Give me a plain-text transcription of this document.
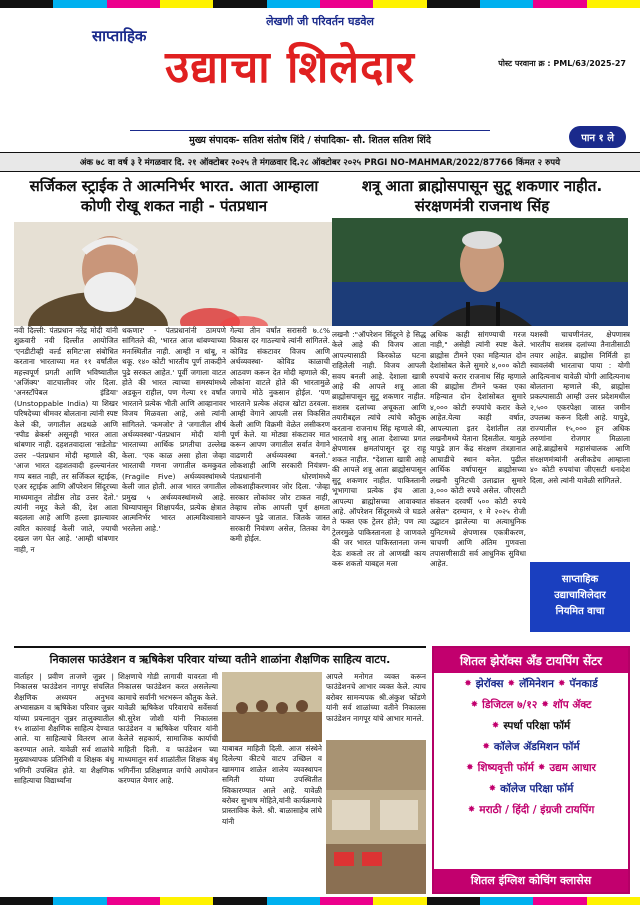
लेखणी जी परिवर्तन घडवेल
साप्ताहिक
पोस्ट परवाना क्र : PML/63/2025-27
उद्याचा शिलेदार
मुख्य संपादक- सतिश संतोष शिंदे / संपादिका- सौ. शितल सतिश शिंदे	पान १ ले
अंक ७८ वा वर्ष ३ रे मंगळवार दि. २१ ऑक्टोबर २०२५ ते मंगळवार दि.२८ ऑक्टोबर २०२५ PRGI NO-MAHMAR/2022/87766 किंमत २ रुपये
सर्जिकल स्ट्राईक ते आत्मनिर्भर भारत. आता आम्हाला कोणी रोखू शकत नाही - पंतप्रधान

नवी दिल्ली: पंतप्रधान नरेंद्र मोदी यांनी शुक्रवारी नवी दिल्लीत आयोजित 'एनडीटीव्ही वर्ल्ड समिट'ला संबोधित करताना भारताच्या मत ११ वर्षांतील महत्त्वपूर्ण प्रगती आणि भविष्यातील 'अजिंक्य' वाटचालीवर जोर दिला. 'अनस्टॉपेबल इंडिया' (Unstoppable India) या शिखर परिषदेच्या थीमवर बोलताना त्यांनी स्पष्ट केले की, जगातील अडथळे आणि 'स्पीड ब्रेकर्स' असूनही भारत आता थांबणार नाही. दहशतवादाला 'सडेतोड' उत्तर –पंतप्रधान मोदी म्हणाले की, 'आज भारत दहशतवादी हल्ल्यानंतर गप्प बसत नाही, तर सर्जिकल स्ट्राईक, एअर स्ट्राईक आणि ऑपरेशन सिंदूरच्या माध्यमातून तोडीस तोड उत्तर देतो.' त्यांनी नमूद केले की, देश आता बदलला आहे आणि हल्ला झाल्यावर त्वरित कारवाई केली जाते, ज्याची दखल जग घेत आहे. 'आम्ही थांबणार नाही, न

थकणार' - पंतप्रधानांनी ठामपणे सांगितले की, 'भारत आज थांबण्याच्या मनःस्थितीत नाही. आम्ही न थांबू, न थकू. १४० कोटी भारतीय पूर्ण ताकदीने पुढे सरकत आहेत.' पूर्वी जगाला वाटत होते की भारत त्याच्या समस्यांमध्ये अडकून राहील, पण गेल्या ११ वर्षांत भारताने प्रत्येक भीती आणि आव्हानावर विजय मिळवला आहे, असे त्यांनी सांगितले. 'कमजोर' ते 'जगातील शीर्ष अर्थव्यवस्था'-पंतप्रधान मोदी यांनी भारताच्या आर्थिक प्रगतीचा उल्लेख केला. 'एक काळ असा होता जेव्हा भारताची गणना जगातील कमकुवत (Fragile Five) अर्थव्यवस्थांमध्ये केली जात होती. आज भारत जगातील प्रमुख ५ अर्थव्यवस्थांमध्ये आहे. धिम्यापासून शिक्षापर्यंत, प्रत्येक क्षेत्रात आत्मनिर्भर भारत आत्मविश्वासाने भरलेला आहे.'

गेल्या तीन वर्षांत सरासरी ७.८% विकास दर गाठल्याचे त्यांनी सांगितले. कोविड संकटावर विजय आणि अर्थव्यवस्था- कोविड काळाची आठवण करून देत मोदी म्हणाले की, लोकांना वाटले होते की भारतामुळे जगाचे मोठे नुकसान होईल. 'पण भारताने प्रत्येक अंदाज खोटा ठरवला. आम्ही वेगाने आपली लस विकसित केली आणि विक्रमी वेळेत लसीकरण पूर्ण केले. या मोठ्या संकटावर मात करून आपण जगातील सर्वात वेगाने वाढणारी अर्थव्यवस्था बनलो.' लोकशाही आणि सरकारी नियंत्रण- पंतप्रधानांनी धोरणांमध्ये लोकशाहीकरणावर जोर दिला. 'जेव्हा सरकार लोकांवर जोर टाकत नाही, तेव्हाच लोक आपली पूर्ण क्षमता वापरून पुढे जातात. जितके जास्त सरकारी नियंत्रण असेल, तितका वेग कमी होईल.

शत्रू आता ब्राह्मोसपासून सुटू शकणार नाहीत. संरक्षणमंत्री राजनाथ सिंह

लखनौ :"ऑपरेशन सिंदूरने हे सिद्ध केले आहे की विजय आता आपल्यासाठी किरकोळ घटना राहिलेली नाही. विजय आपली सवय बनली आहे. देशाला खात्री आहे की आपले शत्रू आता ब्राह्मोसपासून सुटू शकणार नाहीत. सशस्त्र दलांच्या अचूकता आणि तयारीबद्दल त्यांचे त्यांचे कौतुक करताना राजनाथ सिंह म्हणाले की, भारताचे शत्रू आता देशाच्या प्रगत क्षेपणास्त्र क्षमतांपासून दूर राहू शकत नाहीत. "देशाला खात्री आहे की आपले शत्रू आता ब्राह्मोसपासून सुटू शकणार नाहीत. पाकिस्तानी भूभागाचा प्रत्येक इंच आता आपल्या ब्राह्मोसच्या आवाक्यात आहे. ऑपरेशन सिंदूरमध्ये जे घडले ते फक्त एक ट्रेलर होते; पण त्या ट्रेलरमुळे पाकिस्तानला हे जाणवले की जर भारत पाकिस्तानला जन्म देऊ शकतो तर तो आणखी काय करू शकतो याबद्दल मला

अधिक काही सांगण्याची गरज नाही," असेही त्यांनी स्पष्ट केले. ब्राह्मोस टीमने एका महिन्यात दोन देशांसोबत केलेे सुमारे ४,००० कोटी रुपयांचे करार राजनाथ सिंह म्हणाले की ब्राह्मोस टीमने फक्त एका महिन्यात दोन देशांसोबत सुमारे ४,००० कोटी रुपयांचे करार केले आहेत.येत्या काही वर्षात, आपल्याला इतर देशांतील तज्ञ लखनौमध्ये येताना दिसतील. यामुळे यापुढे ज्ञान केंद्र संरक्षण तंत्रज्ञानात आघाडीचे स्थान बनेल. पुढील आर्थिक वर्षापासून ब्राह्मोसच्या लखनौ युनिटची उलाढाल सुमारे ३,००० कोटी रुपये असेल. जीएसटी संकलन दरवर्षी ५०० कोटी रुपये असेल" दरम्यान, १ मे २०२५ रोजी उद्घाटन झालेल्या या अत्याधुनिक युनिटमध्ये क्षेपणास्त्र एकत्रीकरण, चाचणी आणि अंतिम गुणवत्ता तपासणीसाठी सर्व आधुनिक सुविधा आहेत.

यशस्वी चाचणीनंतर, क्षेपणास्त्र भारतीय सशस्त्र दलांच्या तैनातीसाठी तयार आहेत. ब्राह्मोस निर्मिती हा स्वावलंबी भारताचा पाया : योगी आदित्यनाथ यावेळी योगी आदित्यनाथ बोलताना म्हणाले की, ब्राह्मोस प्रकल्पासाठी आम्ही उत्तर प्रदेशमधील २,५०० एकरपेक्षा जास्त जमीन उपलब्ध करून दिली आहे. यापुढे, राज्यातील १५,००० हून अधिक तरुणांना रोजगार मिळाला आहे.ब्राह्मोसचे महासंचालक आणि संरक्षणमंत्र्यांनी अलीकडेच आम्हाला ४० कोटी रुपयांचा जीएसटी धनादेश दिला, असे त्यांनी यावेळी सांगितले.

साप्ताहिक
उद्याचाशिलेदार
नियमित वाचा
निकालस फाउंडेशन व ऋषिकेश परिवार यांच्या वतीने शाळांना शैक्षणिक साहित्य वाटप.

वार्ताहर | प्रवीण ताजणे जुन्नर | निकालस फाउंडेशन नागपूर संचलित शैक्षणिक अध्ययन अनुभव अभ्यासक्रम व ऋषिकेश परिवार जुन्नर यांच्या प्रयत्नातून जुन्नर तालुक्यातील १५ शाळांना शैक्षणिक साहित्य देण्यात आले. या साहित्याचे वितरण आज करण्यात आले. यावेळी सर्व शाळांचे मुख्याध्यापक प्रतिनिधी व शिक्षक बंधू भगिनी उपस्थित होते. या शैक्षणिक साहित्याचा विद्यार्थ्यांना

शिक्षणाचे गोडी लागावी यावरता मी निकालस फाउंडेशन करत असलेल्या कामाचे सर्वांनी भरभरून कौतुक केले. यावेळी ऋषिकेश परिवाराचे सर्वेसर्वा श्री.सुरेश जोशी यांनी निकालस फाउंडेशन व ऋषिकेश परिवार यांनी केलेले सहकार्य, सामाजिक कार्याची माहिती दिली. व फाउंडेशन च्या माध्यमातून सर्व शाळांतील शिक्षक बंधू भगिनींना प्रशिक्षणात वर्गाचे आयोजन करण्यात येणार आहे.

याबाबत माहिती दिली. आज संस्थेने दिलेल्या कीटचे वाटप उच्छिल व खामगाव शाळेत शालेय व्यवस्थापन समिती यांच्या उपस्थितीत स्विकारण्यात आले आहे. यावेळी बरोबर सुभाष मोहिते,यांनी कार्यक्रमाचे प्रास्ताविक केले. श्री. बाळासाहेब लांघे यांनी

आपले मनोगत व्यक्त करून फाउंडेशनचे आभार व्यक्त केले. त्याच बरोबर सामन्यपक श्री.अंकुश फोंडणे यांनी सर्व शाळांच्या वतीने निकालस फाउंडेशन नागपूर यांचे आभार मानले.

शितल झेरॉक्स अँड टायपिंग सेंटर
✸ झेरॉक्स ✸ लॅमिनेशन ✸ पॅनकार्ड
✸ डिजिटल ७/१२ ✸ शॉप ॲक्ट
✸ स्पर्धा परिक्षा फॉर्म
✸ कॉलेज ॲडमिशन फॉर्म
✸ शिष्यवृत्ती फॉर्म ✸ उद्यम आधार
✸ कॉलेज परिक्षा फॉर्म
✸ मराठी / हिंदी / इंग्रजी टायपिंग
शितल इंग्लिश कोचिंग क्लासेस
